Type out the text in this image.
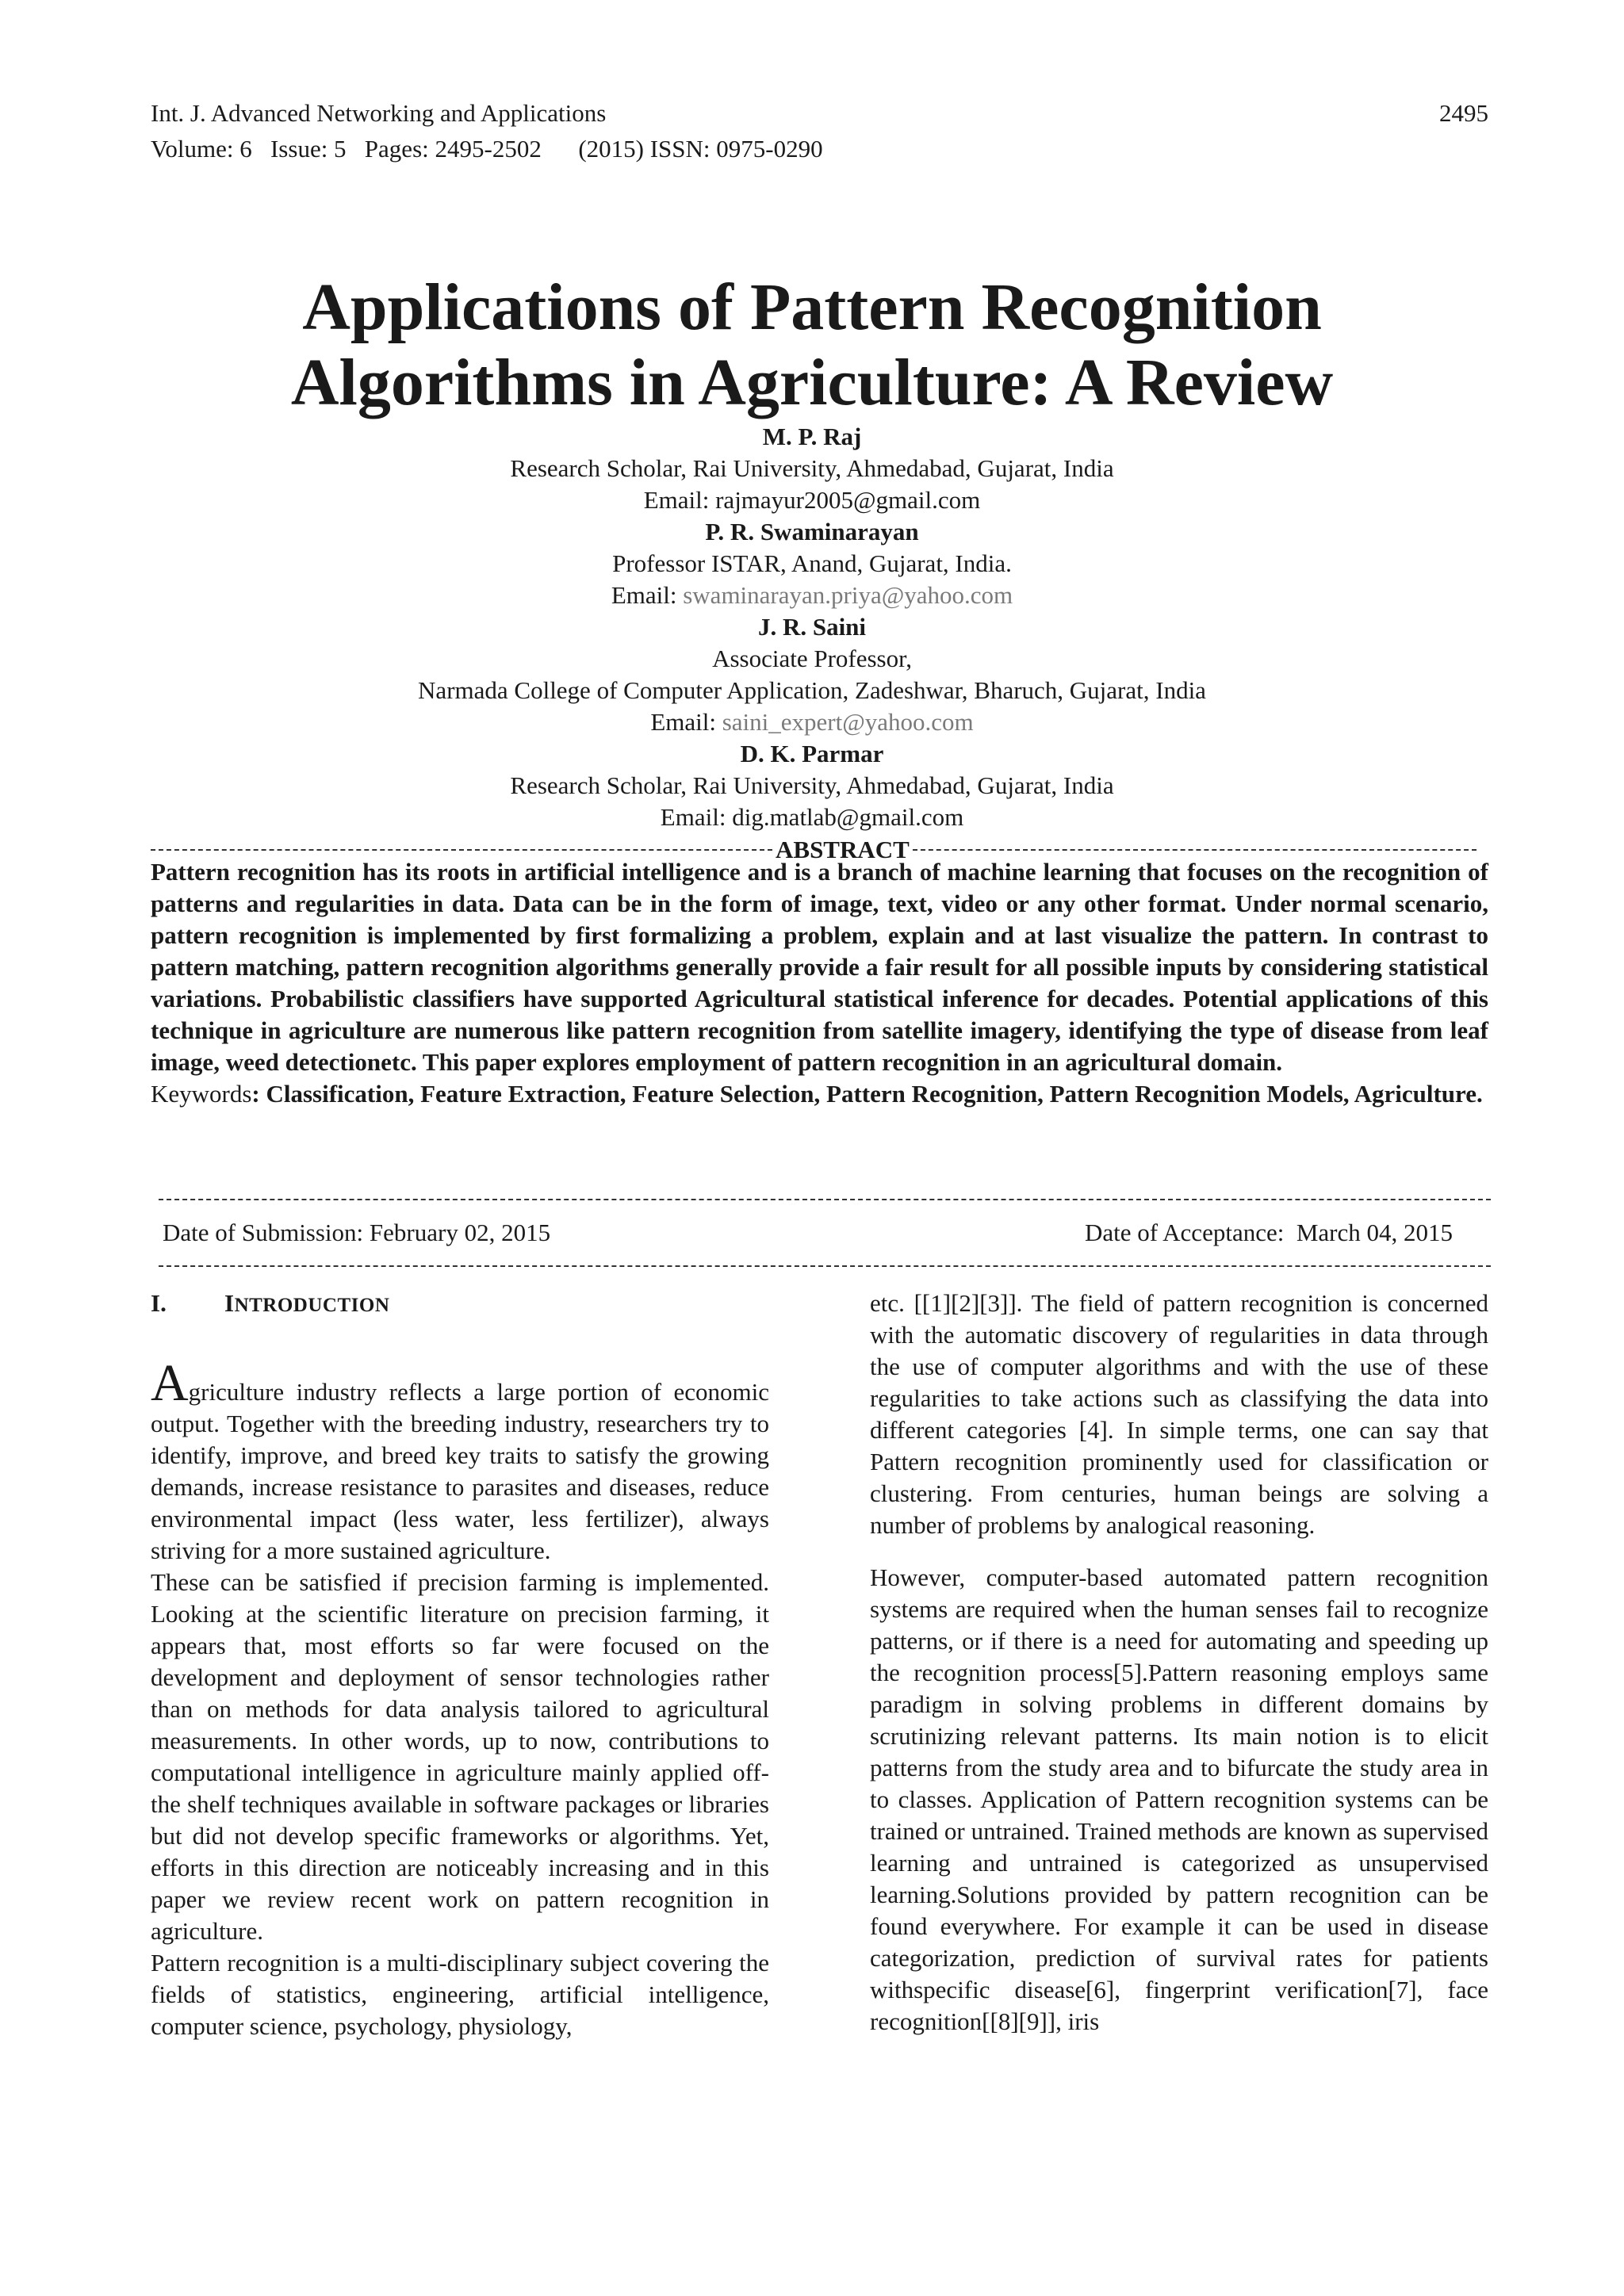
Int. J. Advanced Networking and Applications
Volume: 6   Issue: 5   Pages: 2495-2502      (2015) ISSN: 0975-0290
2495
Applications of Pattern Recognition
Algorithms in Agriculture: A Review
M. P. Raj
Research Scholar, Rai University, Ahmedabad, Gujarat, India
Email: rajmayur2005@gmail.com
P. R. Swaminarayan
Professor ISTAR, Anand, Gujarat, India.
Email: swaminarayan.priya@yahoo.com
J. R. Saini
Associate Professor,
Narmada College of Computer Application, Zadeshwar, Bharuch, Gujarat, India
Email: saini_expert@yahoo.com
D. K. Parmar
Research Scholar, Rai University, Ahmedabad, Gujarat, India
Email: dig.matlab@gmail.com
ABSTRACT

Pattern recognition has its roots in artificial intelligence and is a branch of machine learning that focuses on the recognition of patterns and regularities in data. Data can be in the form of image, text, video or any other format. Under normal scenario, pattern recognition is implemented by first formalizing a problem, explain and at last visualize the pattern. In contrast to pattern matching, pattern recognition algorithms generally provide a fair result for all possible inputs by considering statistical variations. Probabilistic classifiers have supported Agricultural statistical inference for decades. Potential applications of this technique in agriculture are numerous like pattern recognition from satellite imagery, identifying the type of disease from leaf image, weed detectionetc. This paper explores employment of pattern recognition in an agricultural domain.

Keywords: Classification, Feature Extraction, Feature Selection, Pattern Recognition, Pattern Recognition Models, Agriculture.

Date of Submission: February 02, 2015	Date of Acceptance:  March 04, 2015
I.	INTRODUCTION

Agriculture industry reflects a large portion of economic output. Together with the breeding industry, researchers try to identify, improve, and breed key traits to satisfy the growing demands, increase resistance to parasites and diseases, reduce environmental impact (less water, less fertilizer), always striving for a more sustained agriculture.

These can be satisfied if precision farming is implemented. Looking at the scientific literature on precision farming, it appears that, most efforts so far were focused on the development and deployment of sensor technologies rather than on methods for data analysis tailored to agricultural measurements. In other words, up to now, contributions to computational intelligence in agriculture mainly applied off-the shelf techniques available in software packages or libraries but did not develop specific frameworks or algorithms. Yet, efforts in this direction are noticeably increasing and in this paper we review recent work on pattern recognition in agriculture.

Pattern recognition is a multi-disciplinary subject covering the fields of statistics, engineering, artificial intelligence, computer science, psychology, physiology,

etc. [[1][2][3]]. The field of pattern recognition is concerned with the automatic discovery of regularities in data through the use of computer algorithms and with the use of these regularities to take actions such as classifying the data into different categories [4]. In simple terms, one can say that Pattern recognition prominently used for classification or clustering. From centuries, human beings are solving a number of problems by analogical reasoning.

However, computer-based automated pattern recognition systems are required when the human senses fail to recognize patterns, or if there is a need for automating and speeding up the recognition process[5].Pattern reasoning employs same paradigm in solving problems in different domains by scrutinizing relevant patterns. Its main notion is to elicit patterns from the study area and to bifurcate the study area in to classes. Application of Pattern recognition systems can be trained or untrained. Trained methods are known as supervised learning and untrained is categorized as unsupervised learning.Solutions provided by pattern recognition can be found everywhere. For example it can be used in disease categorization, prediction of survival rates for patients withspecific disease[6], fingerprint verification[7], face recognition[[8][9]], iris
